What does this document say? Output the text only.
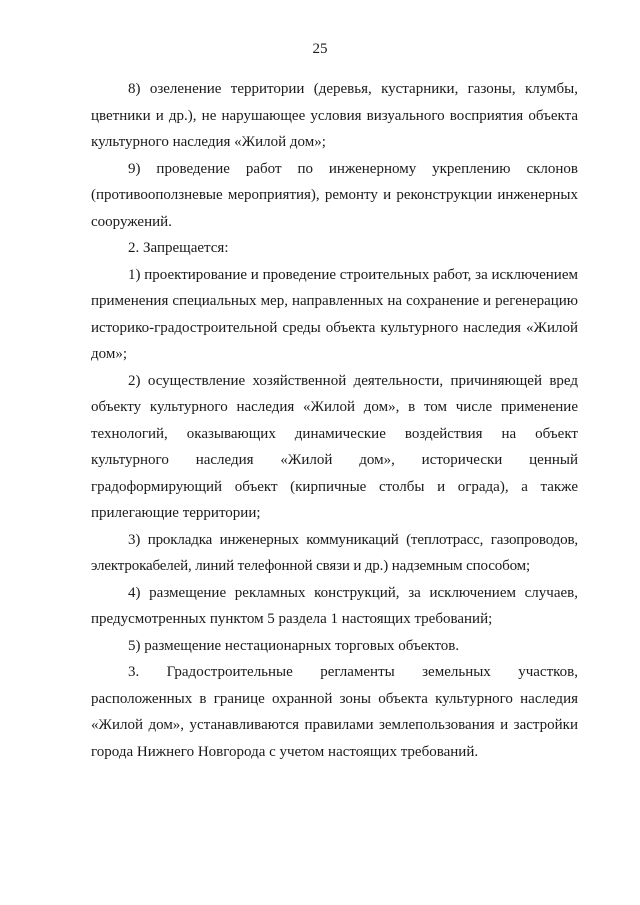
25

8) озеленение территории (деревья, кустарники, газоны, клумбы, цветники и др.), не нарушающее условия визуального восприятия объекта культурного наследия «Жилой дом»;

9) проведение работ по инженерному укреплению склонов (противооползневые мероприятия), ремонту и реконструкции инженерных сооружений.

2. Запрещается:

1) проектирование и проведение строительных работ, за исключением применения специальных мер, направленных на сохранение и регенерацию историко-градостроительной среды объекта культурного наследия «Жилой дом»;

2) осуществление хозяйственной деятельности, причиняющей вред объекту культурного наследия «Жилой дом», в том числе применение технологий, оказывающих динамические воздействия на объект культурного наследия «Жилой дом», исторически ценный градоформирующий объект (кирпичные столбы и ограда), а также прилегающие территории;

3) прокладка инженерных коммуникаций (теплотрасс, газопроводов, электрокабелей, линий телефонной связи и др.) надземным способом;

4) размещение рекламных конструкций, за исключением случаев, предусмотренных пунктом 5 раздела 1 настоящих требований;

5) размещение нестационарных торговых объектов.

3. Градостроительные регламенты земельных участков, расположенных в границе охранной зоны объекта культурного наследия «Жилой дом», устанавливаются правилами землепользования и застройки города Нижнего Новгорода с учетом настоящих требований.
